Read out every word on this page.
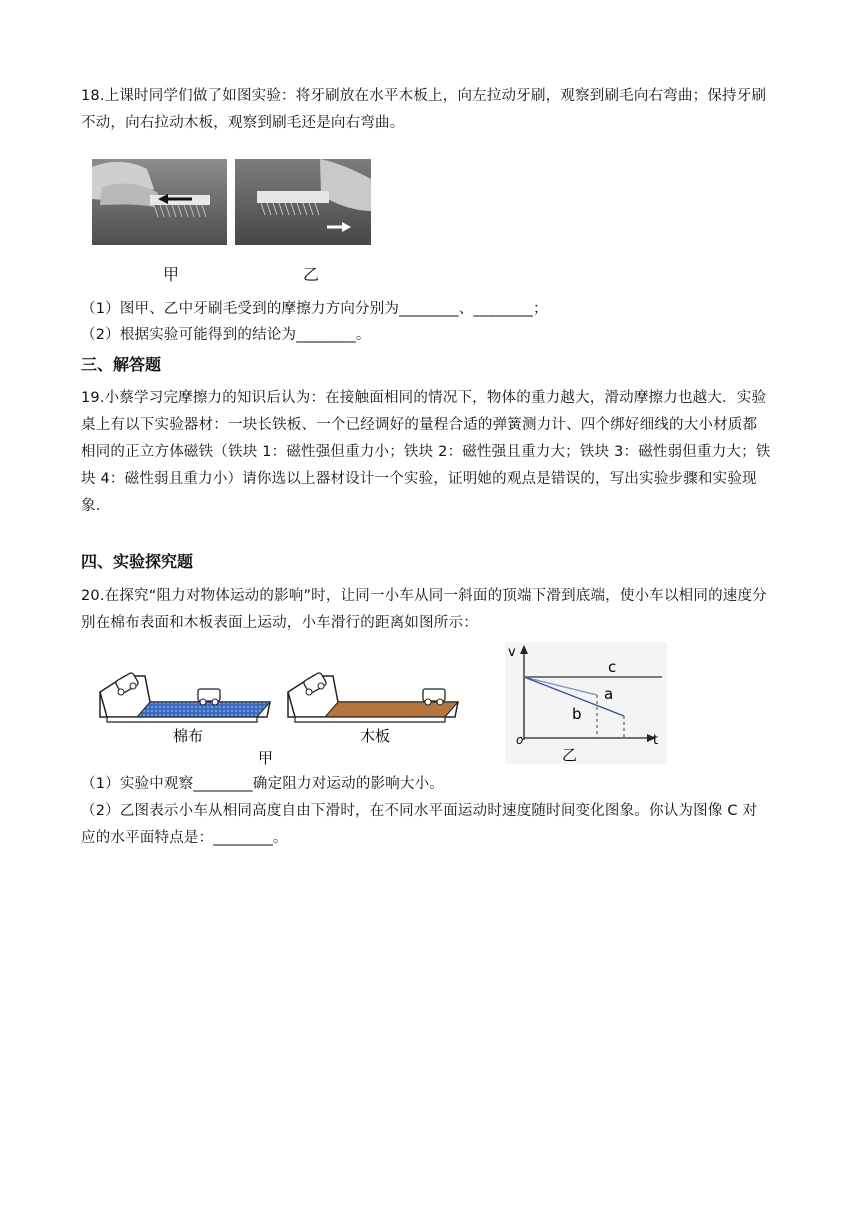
18.上课时同学们做了如图实验：将牙刷放在水平木板上，向左拉动牙刷，观察到刷毛向右弯曲；保持牙刷
不动，向右拉动木板，观察到刷毛还是向右弯曲。
甲	乙
（1）图甲、乙中牙刷毛受到的摩擦力方向分别为________、________；
（2）根据实验可能得到的结论为________。
三、解答题
19.小蔡学习完摩擦力的知识后认为：在接触面相同的情况下，物体的重力越大，滑动摩擦力也越大．实验
桌上有以下实验器材：一块长铁板、一个已经调好的量程合适的弹簧测力计、四个绑好细线的大小材质都
相同的正立方体磁铁（铁块 1：磁性强但重力小；铁块 2：磁性强且重力大；铁块 3：磁性弱但重力大；铁
块 4：磁性弱且重力小）请你选以上器材设计一个实验，证明她的观点是错误的，写出实验步骤和实验现
象．
四、实验探究题
20.在探究“阻力对物体运动的影响”时，让同一小车从同一斜面的顶端下滑到底端，使小车以相同的速度分
别在棉布表面和木板表面上运动，小车滑行的距离如图所示：
棉布	木板
甲
v
t
o
c
a
b
乙
（1）实验中观察________确定阻力对运动的影响大小。
（2）乙图表示小车从相同高度自由下滑时，在不同水平面运动时速度随时间变化图象。你认为图像 C 对
应的水平面特点是：________。
